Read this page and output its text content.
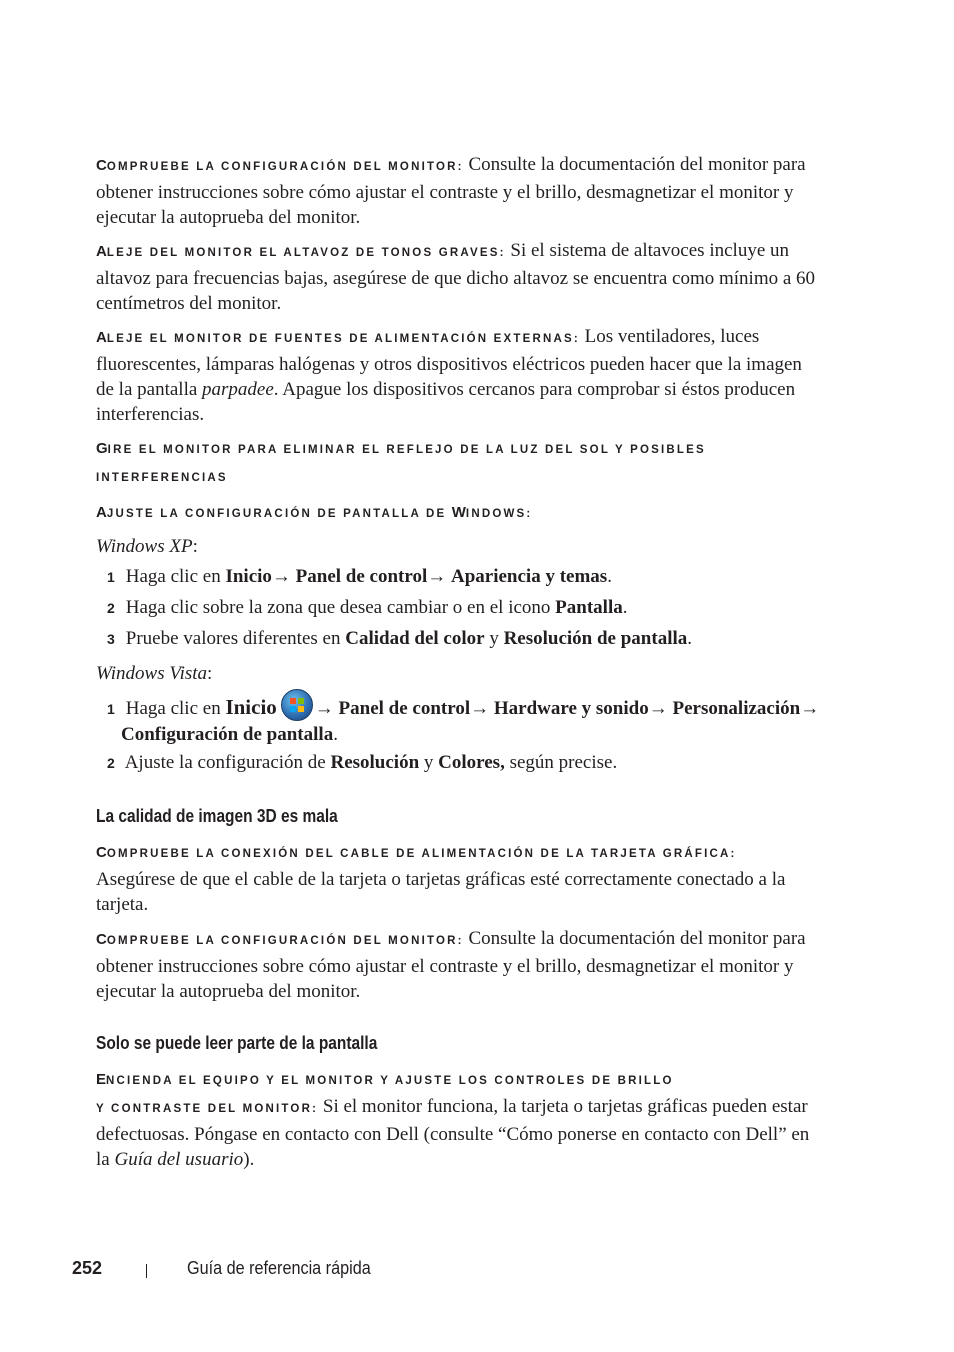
COMPRUEBE LA CONFIGURACIÓN DEL MONITOR: Consulte la documentación del monitor para obtener instrucciones sobre cómo ajustar el contraste y el brillo, desmagnetizar el monitor y ejecutar la autoprueba del monitor.

ALEJE DEL MONITOR EL ALTAVOZ DE TONOS GRAVES: Si el sistema de altavoces incluye un altavoz para frecuencias bajas, asegúrese de que dicho altavoz se encuentra como mínimo a 60 centímetros del monitor.

ALEJE EL MONITOR DE FUENTES DE ALIMENTACIÓN EXTERNAS: Los ventiladores, luces fluorescentes, lámparas halógenas y otros dispositivos eléctricos pueden hacer que la imagen de la pantalla parpadee. Apague los dispositivos cercanos para comprobar si éstos producen interferencias.

GIRE EL MONITOR PARA ELIMINAR EL REFLEJO DE LA LUZ DEL SOL Y POSIBLES

INTERFERENCIAS

AJUSTE LA CONFIGURACIÓN DE PANTALLA DE WINDOWS:

Windows XP:

1 Haga clic en Inicio→ Panel de control→ Apariencia y temas.

2 Haga clic sobre la zona que desea cambiar o en el icono Pantalla.

3 Pruebe valores diferentes en Calidad del color y Resolución de pantalla.

Windows Vista:

1 Haga clic en Inicio → Panel de control→ Hardware y sonido→ Personalización→
Configuración de pantalla.

2 Ajuste la configuración de Resolución y Colores, según precise.

La calidad de imagen 3D es mala

COMPRUEBE LA CONEXIÓN DEL CABLE DE ALIMENTACIÓN DE LA TARJETA GRÁFICA:

Asegúrese de que el cable de la tarjeta o tarjetas gráficas esté correctamente conectado a la tarjeta.

COMPRUEBE LA CONFIGURACIÓN DEL MONITOR: Consulte la documentación del monitor para obtener instrucciones sobre cómo ajustar el contraste y el brillo, desmagnetizar el monitor y ejecutar la autoprueba del monitor.

Solo se puede leer parte de la pantalla

ENCIENDA EL EQUIPO Y EL MONITOR Y AJUSTE LOS CONTROLES DE BRILLO

Y CONTRASTE DEL MONITOR: Si el monitor funciona, la tarjeta o tarjetas gráficas pueden estar defectuosas. Póngase en contacto con Dell (consulte “Cómo ponerse en contacto con Dell” en la Guía del usuario).

252	Guía de referencia rápida
